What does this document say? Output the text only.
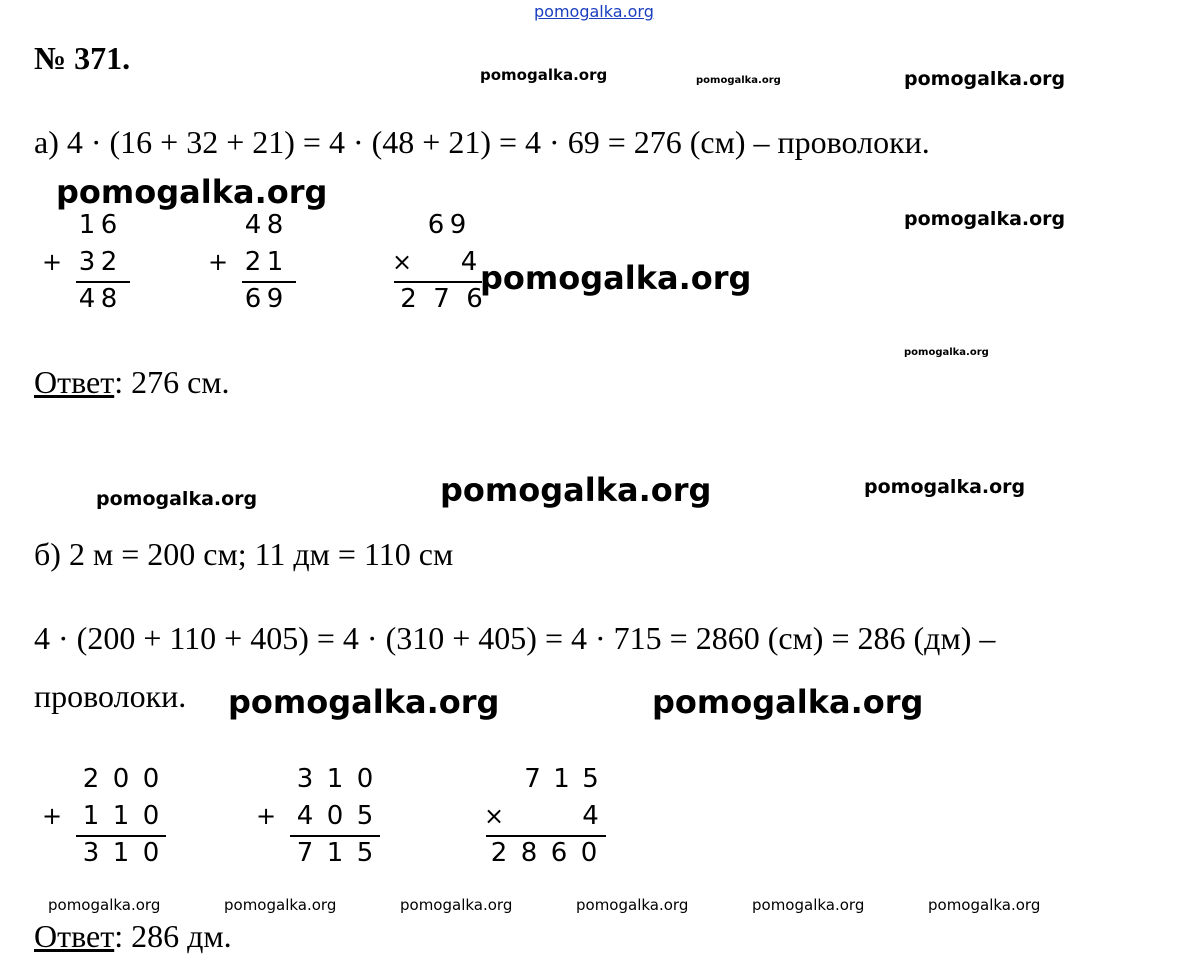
pomogalka.org
№ 371.	pomogalka.org	pomogalka.org	pomogalka.org
а) 4 · (16 + 32 + 21) = 4 · (48 + 21) = 4 · 69 = 276 (см) – проволоки.
pomogalka.org
pomogalka.org
1 6
+ 3 2
4 8
4 8
+ 2 1
6 9
6 9
× 4
2 7 6
pomogalka.org
pomogalka.org
Ответ: 276 см.
pomogalka.org	pomogalka.org	pomogalka.org
б) 2 м = 200 см; 11 дм = 110 см
4 · (200 + 110 + 405) = 4 · (310 + 405) = 4 · 715 = 2860 (см) = 286 (дм) –
проволоки. pomogalka.org	pomogalka.org
2 0 0
+ 1 1 0
3 1 0
3 1 0
+ 4 0 5
7 1 5
7 1 5
×	4
2 8 6 0
pomogalka.org	pomogalka.org	pomogalka.org	pomogalka.org	pomogalka.org	pomogalka.org
Ответ: 286 дм.
